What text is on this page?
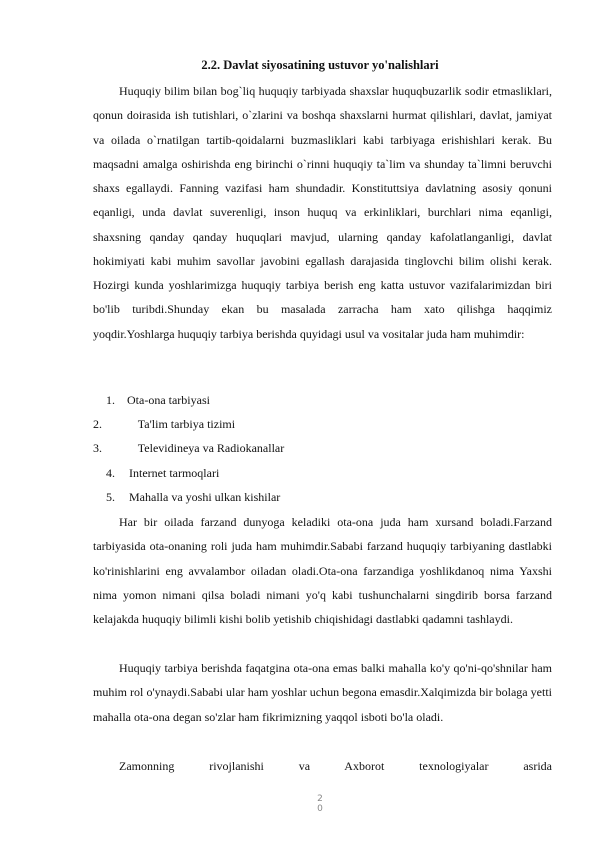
2.2. Davlat siyosatining ustuvor yo'nalishlari

Huquqiy bilim bilan bog`liq huquqiy tarbiyada shaxslar huquqbuzarlik sodir etmasliklari, qonun doirasida ish tutishlari, o`zlarini va boshqa shaxslarni hurmat qilishlari, davlat, jamiyat va oilada o`rnatilgan tartib-qoidalarni buzmasliklari kabi tarbiyaga erishishlari kerak. Bu maqsadni amalga oshirishda eng birinchi o`rinni huquqiy ta`lim va shunday ta`limni beruvchi shaxs egallaydi. Fanning vazifasi ham shundadir. Konstituttsiya davlatning asosiy qonuni eqanligi, unda davlat suverenligi, inson huquq va erkinliklari, burchlari nima eqanligi, shaxsning qanday qanday huquqlari mavjud, ularning qanday kafolatlanganligi, davlat hokimiyati kabi muhim savollar javobini egallash darajasida tinglovchi bilim olishi kerak. Hozirgi kunda yoshlarimizga huquqiy tarbiya berish eng katta ustuvor vazifalarimizdan biri bo'lib turibdi.Shunday ekan bu masalada zarracha ham xato qilishga haqqimiz yoqdir.Yoshlarga huquqiy tarbiya berishda quyidagi usul va vositalar juda ham muhimdir:

1. Ota-ona tarbiyasi
2.	Ta'lim tarbiya tizimi
3.	Televidineya va Radiokanallar
4. Internet tarmoqlari
5. Mahalla va yoshi ulkan kishilar

Har bir oilada farzand dunyoga keladiki ota-ona juda ham xursand boladi.Farzand tarbiyasida ota-onaning roli juda ham muhimdir.Sababi farzand huquqiy tarbiyaning dastlabki ko'rinishlarini eng avvalambor oiladan oladi.Ota-ona farzandiga yoshlikdanoq nima Yaxshi nima yomon nimani qilsa boladi nimani yo'q kabi tushunchalarni singdirib borsa farzand kelajakda huquqiy bilimli kishi bolib yetishib chiqishidagi dastlabki qadamni tashlaydi.

Huquqiy tarbiya berishda faqatgina ota-ona emas balki mahalla ko'y qo'ni-qo'shnilar ham muhim rol o'ynaydi.Sababi ular ham yoshlar uchun begona emasdir.Xalqimizda bir bolaga yetti mahalla ota-ona degan so'zlar ham fikrimizning yaqqol isboti bo'la oladi.

Zamonning rivojlanishi va Axborot texnologiyalar asrida

2
0
